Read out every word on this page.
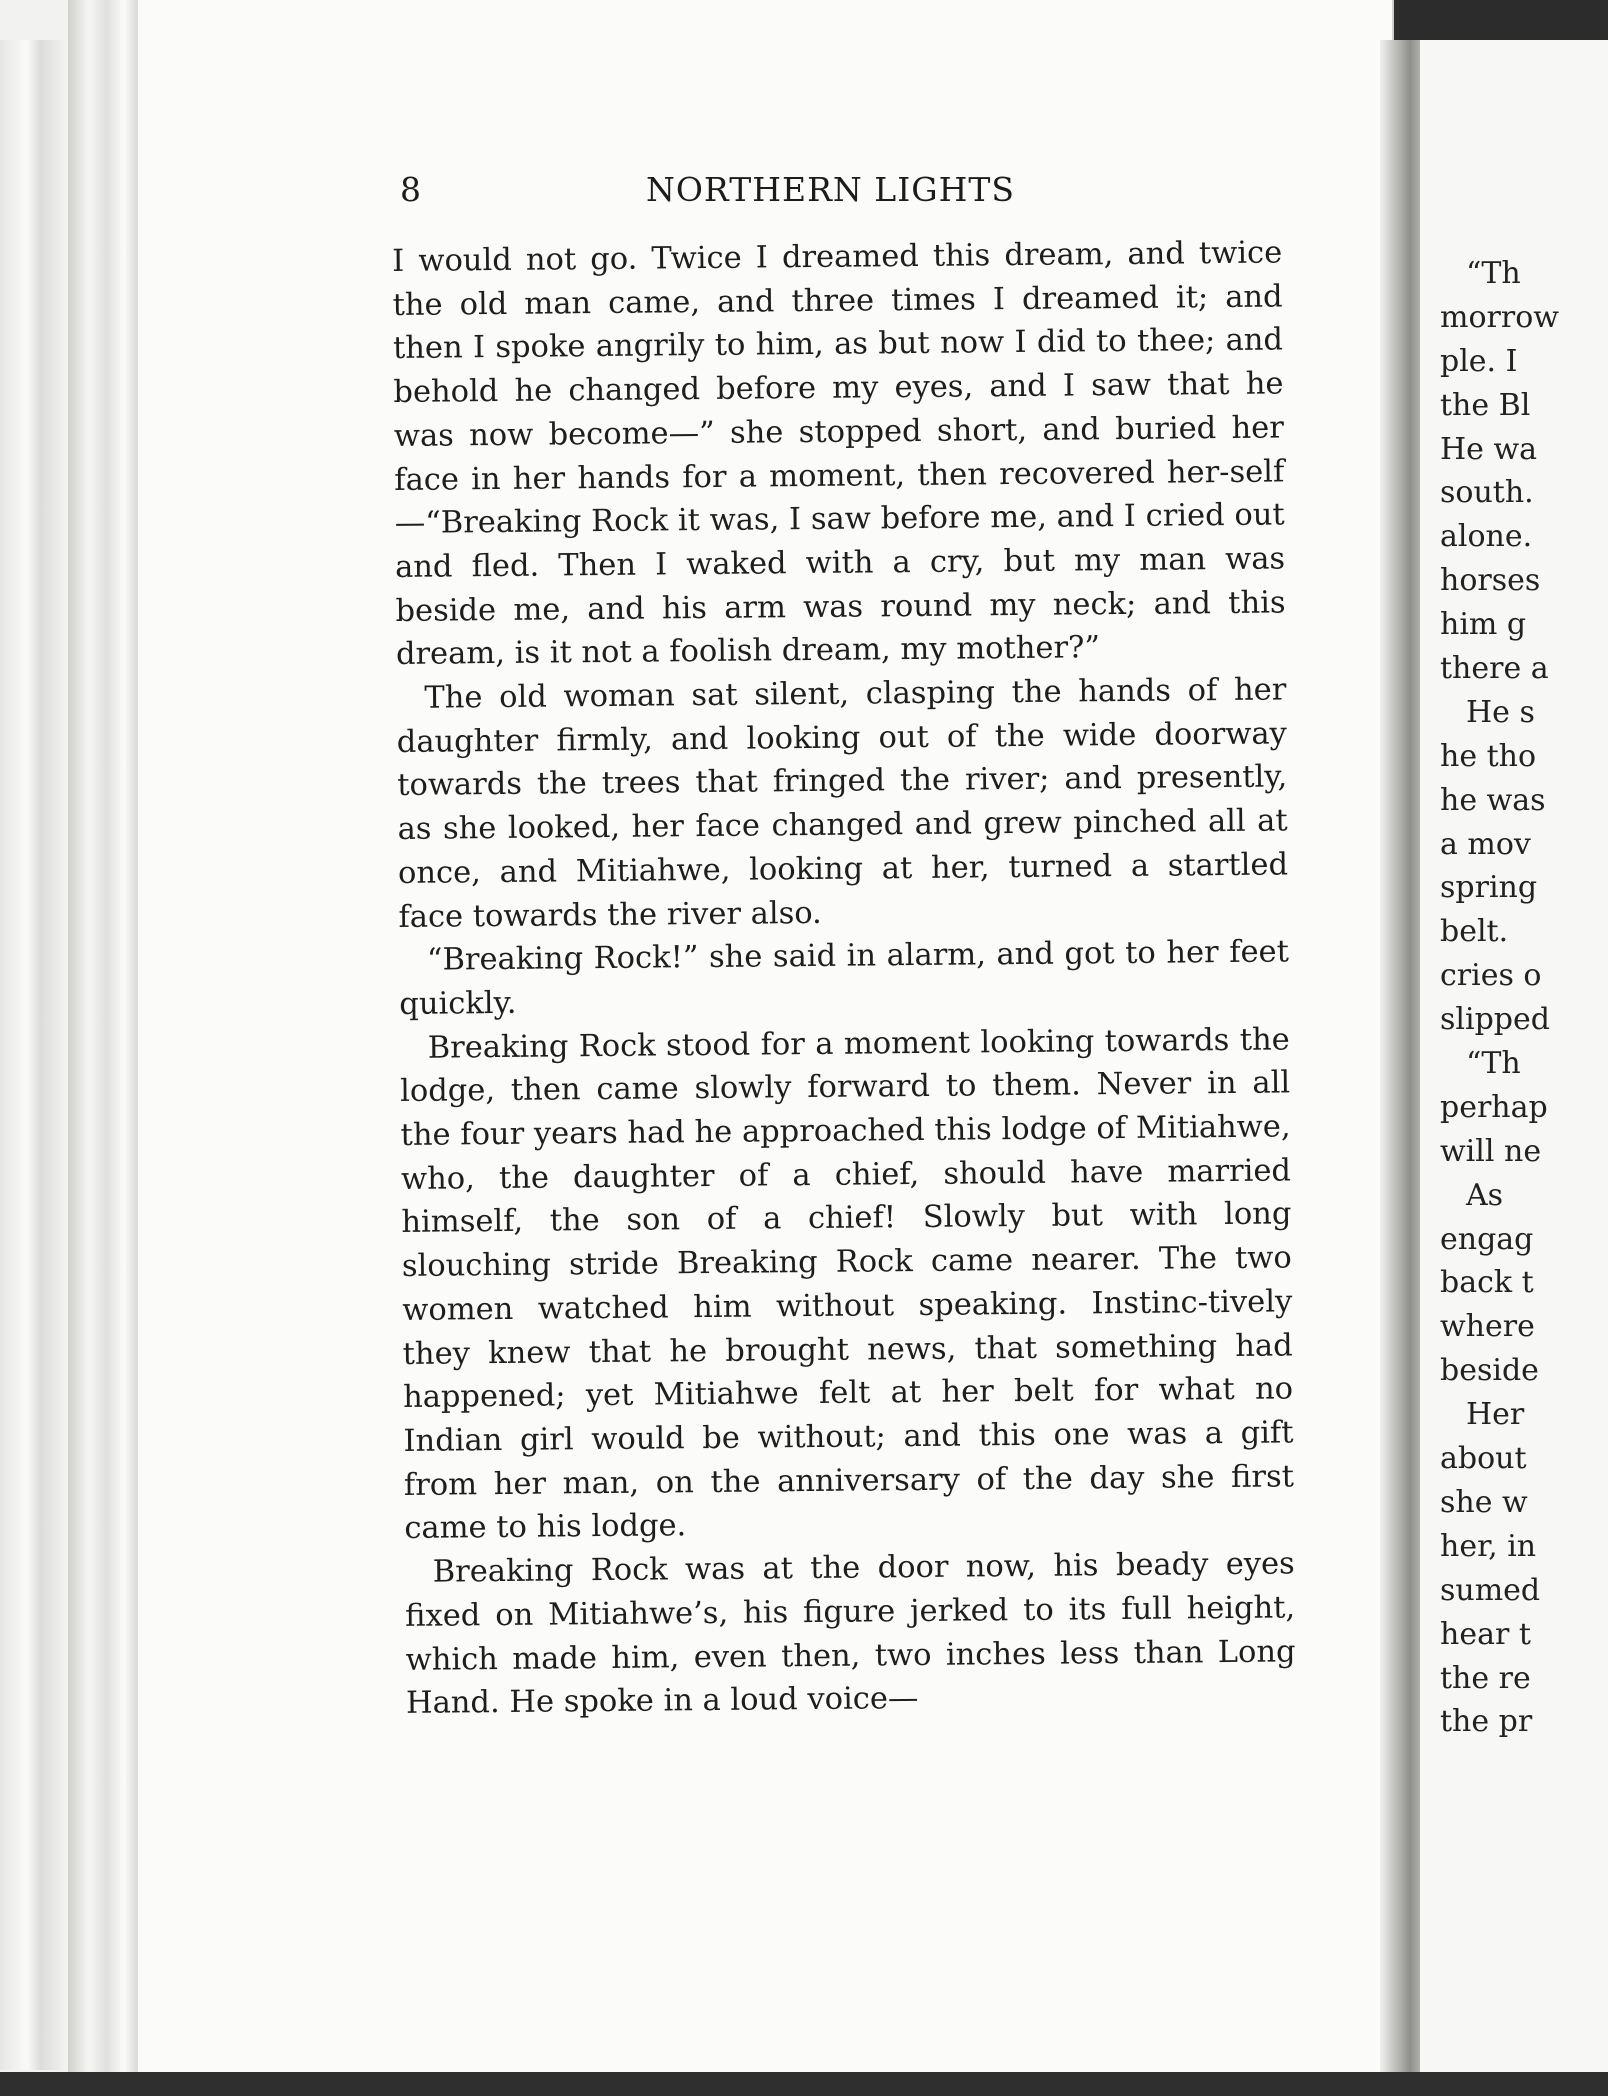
8	NORTHERN LIGHTS

I would not go. Twice I dreamed this dream, and twice the old man came, and three times I dreamed it; and then I spoke angrily to him, as but now I did to thee; and behold he changed before my eyes, and I saw that he was now become—” she stopped short, and buried her face in her hands for a moment, then recovered her-self—“Breaking Rock it was, I saw before me, and I cried out and fled. Then I waked with a cry, but my man was beside me, and his arm was round my neck; and this dream, is it not a foolish dream, my mother?”

The old woman sat silent, clasping the hands of her daughter firmly, and looking out of the wide doorway towards the trees that fringed the river; and presently, as she looked, her face changed and grew pinched all at once, and Mitiahwe, looking at her, turned a startled face towards the river also.

“Breaking Rock!” she said in alarm, and got to her feet quickly.

Breaking Rock stood for a moment looking towards the lodge, then came slowly forward to them. Never in all the four years had he approached this lodge of Mitiahwe, who, the daughter of a chief, should have married himself, the son of a chief! Slowly but with long slouching stride Breaking Rock came nearer. The two women watched him without speaking. Instinc-tively they knew that he brought news, that something had happened; yet Mitiahwe felt at her belt for what no Indian girl would be without; and this one was a gift from her man, on the anniversary of the day she first came to his lodge.

Breaking Rock was at the door now, his beady eyes fixed on Mitiahwe’s, his figure jerked to its full height, which made him, even then, two inches less than Long Hand. He spoke in a loud voice—

“Th
morrow
ple. I
the Bl
He wa
south.
alone.
horses
him g
there a
He s
he tho
he was
a mov
spring
belt.
cries o
slipped
“Th
perhap
will ne
As
engag
back t
where
beside
Her
about
she w
her, in
sumed
hear t
the re
the pr
